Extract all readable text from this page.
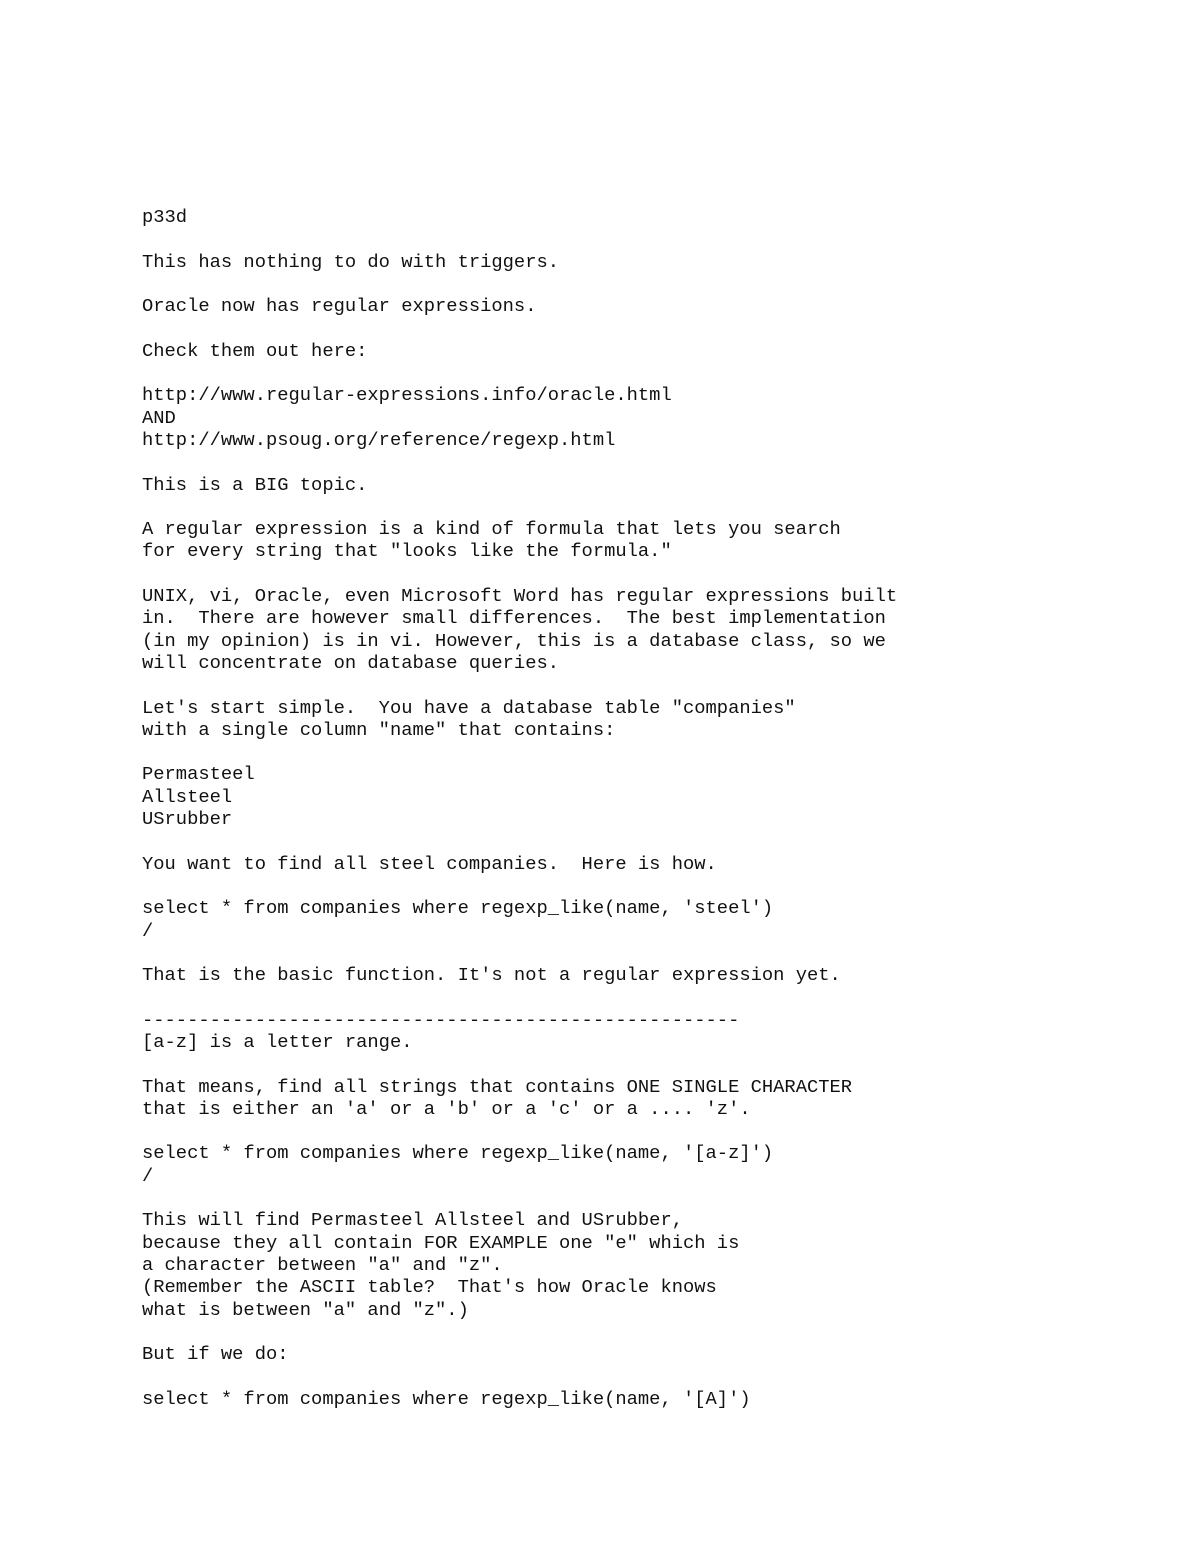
p33d
This has nothing to do with triggers.
Oracle now has regular expressions.
Check them out here:
http://www.regular-expressions.info/oracle.html
AND
http://www.psoug.org/reference/regexp.html
This is a BIG topic.
A regular expression is a kind of formula that lets you search
for every string that "looks like the formula."
UNIX, vi, Oracle, even Microsoft Word has regular expressions built
in.  There are however small differences.  The best implementation
(in my opinion) is in vi. However, this is a database class, so we
will concentrate on database queries.
Let's start simple.  You have a database table "companies"
with a single column "name" that contains:
Permasteel
Allsteel
USrubber
You want to find all steel companies.  Here is how.
select * from companies where regexp_like(name, 'steel')
/
That is the basic function. It's not a regular expression yet.
-----------------------------------------------------
[a-z] is a letter range.
That means, find all strings that contains ONE SINGLE CHARACTER
that is either an 'a' or a 'b' or a 'c' or a .... 'z'.
select * from companies where regexp_like(name, '[a-z]')
/
This will find Permasteel Allsteel and USrubber,
because they all contain FOR EXAMPLE one "e" which is
a character between "a" and "z".
(Remember the ASCII table?  That's how Oracle knows
what is between "a" and "z".)
But if we do:
select * from companies where regexp_like(name, '[A]')
